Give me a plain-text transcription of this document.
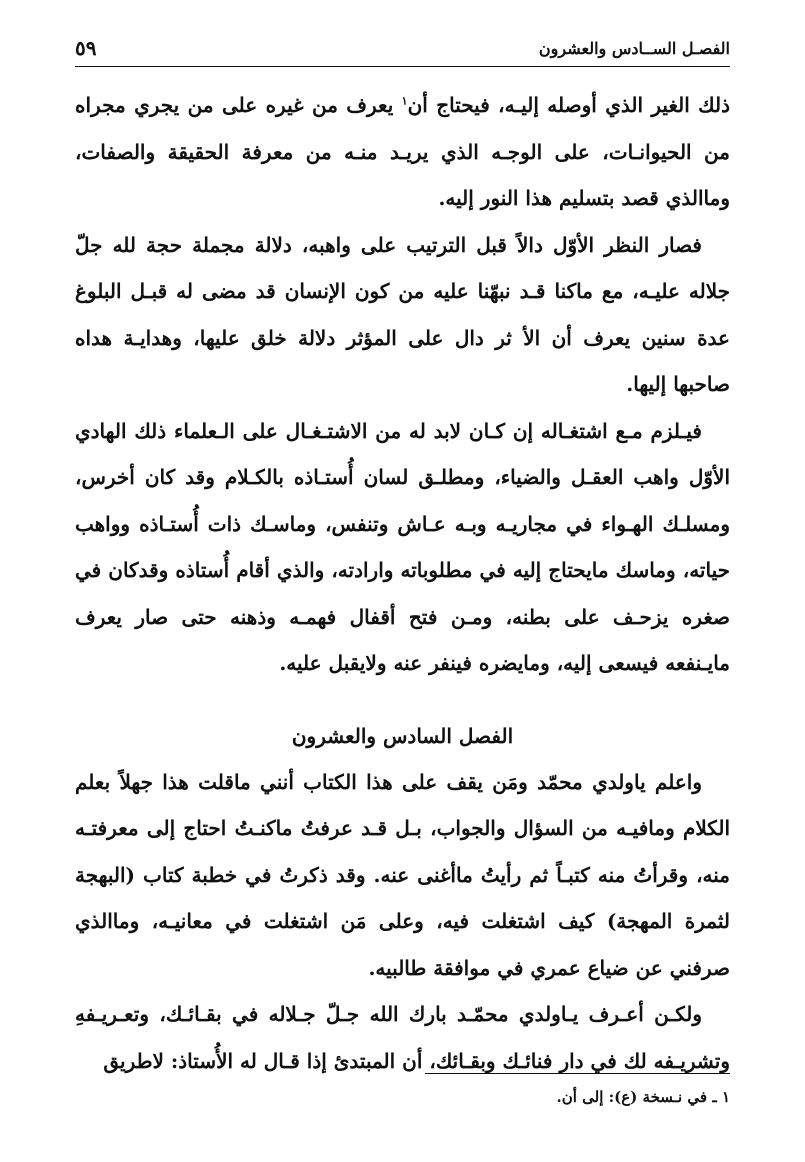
الفصـل الســادس والعشرون
٥٩

ذلك الغير الذي أوصله إليـه، فيحتاج أن$^١$ يعرف من غيره على من يجري مجراه من الحيوانـات، على الوجـه الذي يريـد منـه من معرفة الحقيقة والصفات، وماالذي قصد بتسليم هذا النور إليه.

فصار النظر الأوّل دالاً قبل الترتيب على واهبه، دلالة مجملة حجة لله جلّ جلاله عليـه، مع ماكنا قـد نبهّنا عليه من كون الإنسان قد مضى له قبـل البلوغ عدة سنين يعرف أن الأ ثر دال على المؤثر دلالة خلق عليها، وهدايـة هداه صاحبها إليها.

فيـلزم مـع اشتغـاله إن كـان لابد له من الاشتـغـال على الـعلماء ذلك الهادي الأوّل واهب العقـل والضياء، ومطلـق لسان أُستـاذه بالكـلام وقد كان أخرس، ومسلـك الهـواء في مجاريـه وبـه عـاش وتنفس، وماسـك ذات أُستـاذه وواهب حياته، وماسك مايحتاج إليه في مطلوباته وارادته، والذي أقام أُستاذه وقدكان في صغره يزحـف على بطنه، ومـن فتح أقفال فهمـه وذهنه حتى صار يعرف مايـنفعه فيسعى إليه، ومايضره فينفر عنه ولايقبل عليه.

الفصل السادس والعشرون

واعلم ياولدي محمّد ومَن يقف على هذا الكتاب أنني ماقلت هذا جهلاً بعلم الكلام ومافيـه من السؤال والجواب، بـل قـد عرفتُ ماكنـتُ احتاج إلى معرفتـه منه، وقرأتُ منه كتبـاً ثم رأيتُ ماأغنى عنه. وقد ذكرتُ في خطبة كتاب (البهجة لثمرة المهجة) كيف اشتغلت فيه، وعلى مَن اشتغلت في معانيـه، وماالذي صرفني عن ضياع عمري في موافقة طالبيه.

ولكـن أعـرف يـاولدي محمّـد بارك الله جـلّ جـلاله في بقـائـك، وتعـريـفهِ وتشريـفه لك في دار فنائـك وبقـائك، أن المبتدئ إذا قـال له الأُستاذ: لاطريق

١ ـ في نـسخة (ع): إلى أن.
